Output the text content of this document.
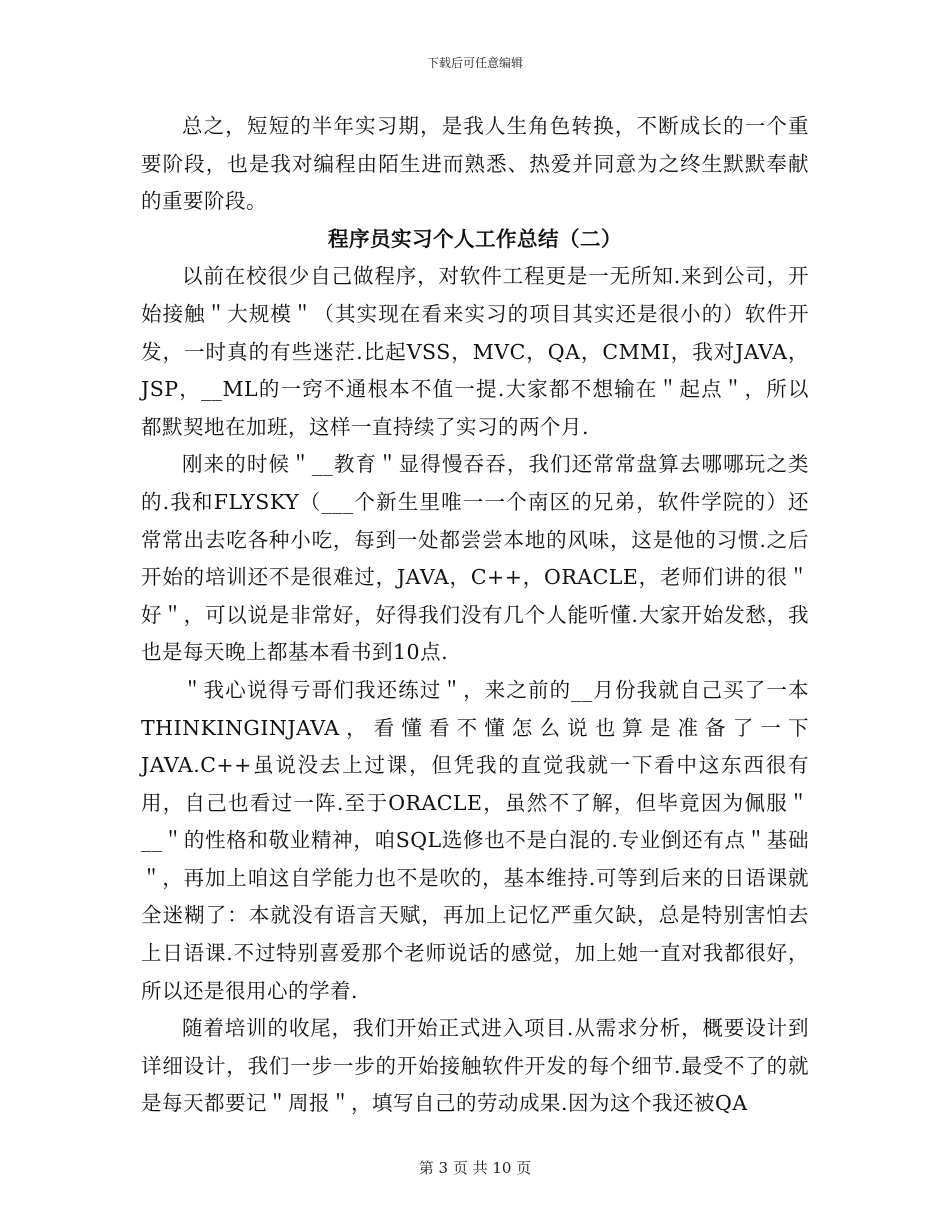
下载后可任意编辑

总之，短短的半年实习期，是我人生角色转换，不断成长的一个重要阶段，也是我对编程由陌生进而熟悉、热爱并同意为之终生默默奉献的重要阶段。

程序员实习个人工作总结（二）

以前在校很少自己做程序，对软件工程更是一无所知.来到公司，开始接触＂大规模＂（其实现在看来实习的项目其实还是很小的）软件开发，一时真的有些迷茫.比起VSS，MVC，QA，CMMI，我对JAVA，JSP，__ML的一窍不通根本不值一提.大家都不想输在＂起点＂，所以都默契地在加班，这样一直持续了实习的两个月.

刚来的时候＂__教育＂显得慢吞吞，我们还常常盘算去哪哪玩之类的.我和FLYSKY（___个新生里唯一一个南区的兄弟，软件学院的）还常常出去吃各种小吃，每到一处都尝尝本地的风味，这是他的习惯.之后开始的培训还不是很难过，JAVA，C++，ORACLE，老师们讲的很＂好＂，可以说是非常好，好得我们没有几个人能听懂.大家开始发愁，我也是每天晚上都基本看书到10点.

＂我心说得亏哥们我还练过＂，来之前的__月份我就自己买了一本THINKINGINJAVA，看懂看不懂怎么说也算是准备了一下JAVA.C++虽说没去上过课，但凭我的直觉我就一下看中这东西很有用，自己也看过一阵.至于ORACLE，虽然不了解，但毕竟因为佩服＂__＂的性格和敬业精神，咱SQL选修也不是白混的.专业倒还有点＂基础＂，再加上咱这自学能力也不是吹的，基本维持.可等到后来的日语课就全迷糊了：本就没有语言天赋，再加上记忆严重欠缺，总是特别害怕去上日语课.不过特别喜爱那个老师说话的感觉，加上她一直对我都很好，所以还是很用心的学着.

随着培训的收尾，我们开始正式进入项目.从需求分析，概要设计到详细设计，我们一步一步的开始接触软件开发的每个细节.最受不了的就是每天都要记＂周报＂，填写自己的劳动成果.因为这个我还被QA

第 3 页 共 10 页
